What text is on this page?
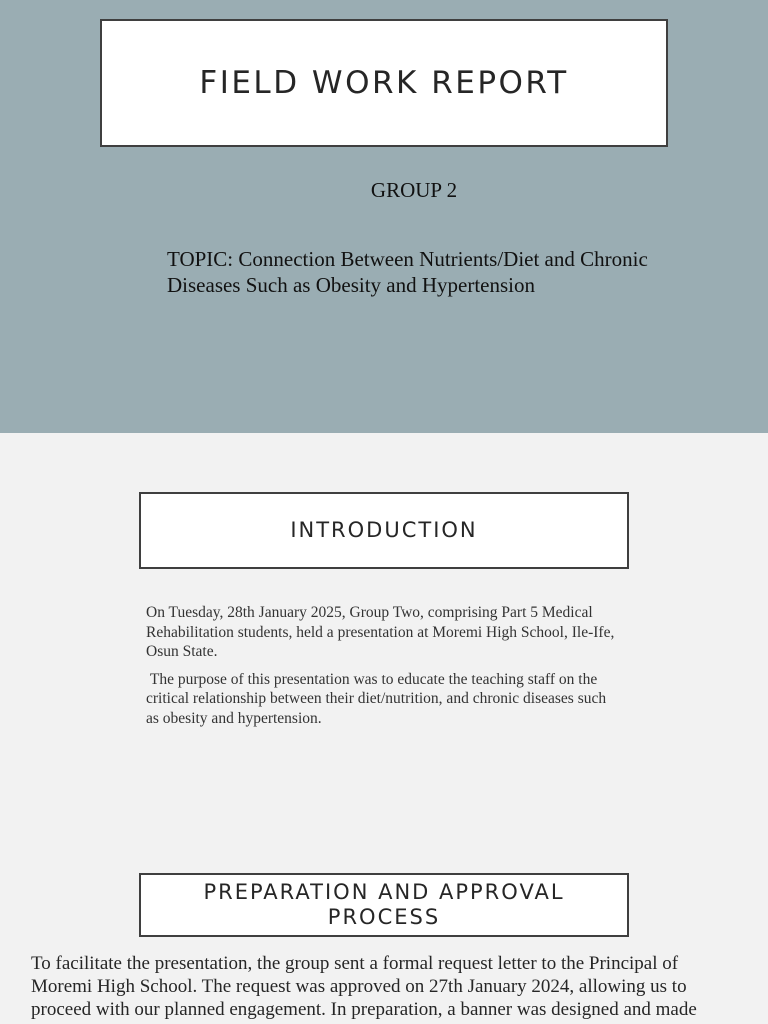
FIELD WORK REPORT

GROUP 2

TOPIC: Connection Between Nutrients/Diet and Chronic Diseases Such as Obesity and Hypertension

INTRODUCTION

On Tuesday, 28th January 2025, Group Two, comprising Part 5 Medical Rehabilitation students, held a presentation at Moremi High School, Ile-Ife, Osun State.

The purpose of this presentation was to educate the teaching staff on the critical relationship between their diet/nutrition, and chronic diseases such as obesity and hypertension.

PREPARATION AND APPROVAL PROCESS

To facilitate the presentation, the group sent a formal request letter to the Principal of Moremi High School. The request was approved on 27th January 2024, allowing us to proceed with our planned engagement. In preparation, a banner was designed and made
